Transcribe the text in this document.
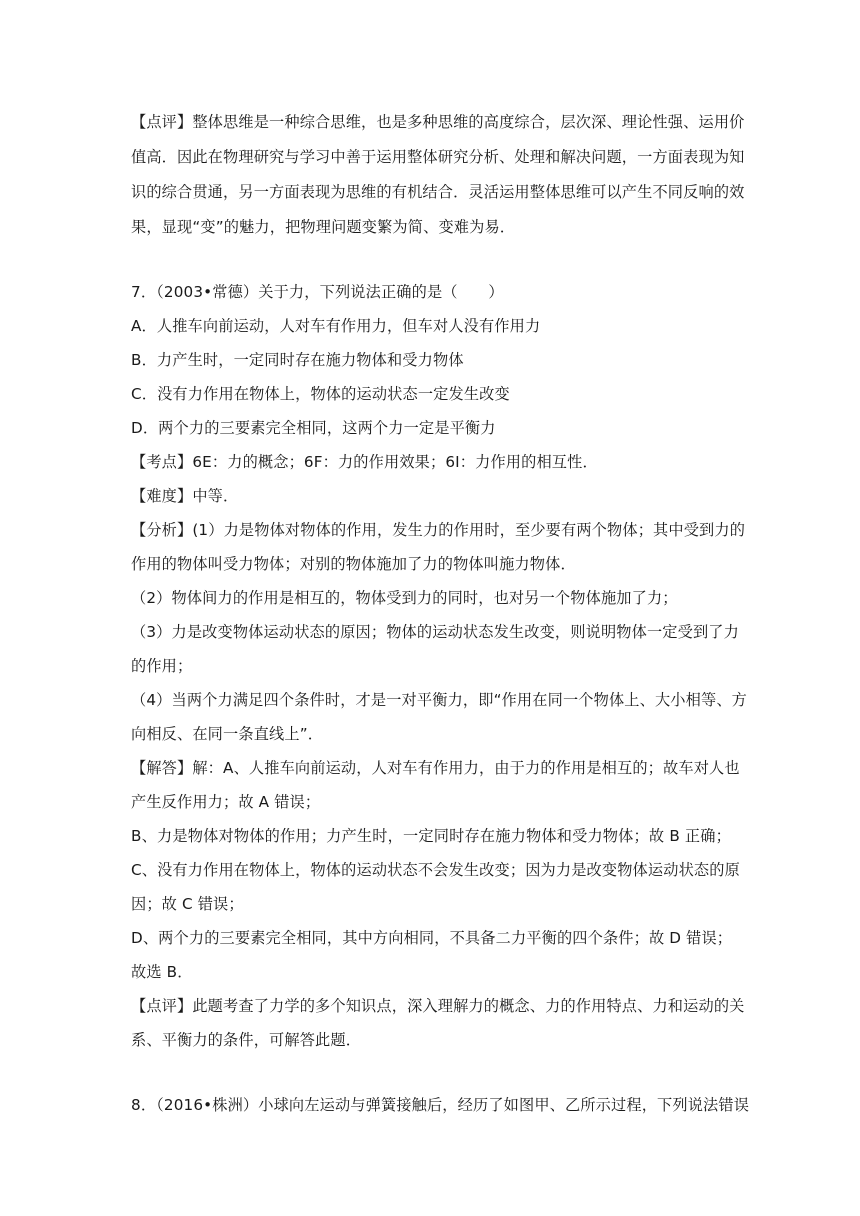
【点评】整体思维是一种综合思维，也是多种思维的高度综合，层次深、理论性强、运用价
值高．因此在物理研究与学习中善于运用整体研究分析、处理和解决问题，一方面表现为知
识的综合贯通，另一方面表现为思维的有机结合．灵活运用整体思维可以产生不同反响的效
果，显现“变”的魅力，把物理问题变繁为简、变难为易．
7．（2003•常德）关于力，下列说法正确的是（　　）
A．人推车向前运动，人对车有作用力，但车对人没有作用力
B．力产生时，一定同时存在施力物体和受力物体
C．没有力作用在物体上，物体的运动状态一定发生改变
D．两个力的三要素完全相同，这两个力一定是平衡力
【考点】6E：力的概念；6F：力的作用效果；6I：力作用的相互性．
【难度】中等．
【分析】(1）力是物体对物体的作用，发生力的作用时，至少要有两个物体；其中受到力的
作用的物体叫受力物体；对别的物体施加了力的物体叫施力物体．
（2）物体间力的作用是相互的，物体受到力的同时，也对另一个物体施加了力；
（3）力是改变物体运动状态的原因；物体的运动状态发生改变，则说明物体一定受到了力
的作用；
（4）当两个力满足四个条件时，才是一对平衡力，即“作用在同一个物体上、大小相等、方
向相反、在同一条直线上”．
【解答】解：A、人推车向前运动，人对车有作用力，由于力的作用是相互的；故车对人也
产生反作用力；故 A 错误；
B、力是物体对物体的作用；力产生时，一定同时存在施力物体和受力物体；故 B 正确；
C、没有力作用在物体上，物体的运动状态不会发生改变；因为力是改变物体运动状态的原
因；故 C 错误；
D、两个力的三要素完全相同，其中方向相同，不具备二力平衡的四个条件；故 D 错误；
故选 B．
【点评】此题考查了力学的多个知识点，深入理解力的概念、力的作用特点、力和运动的关
系、平衡力的条件，可解答此题．
8．（2016•株洲）小球向左运动与弹簧接触后，经历了如图甲、乙所示过程，下列说法错误
